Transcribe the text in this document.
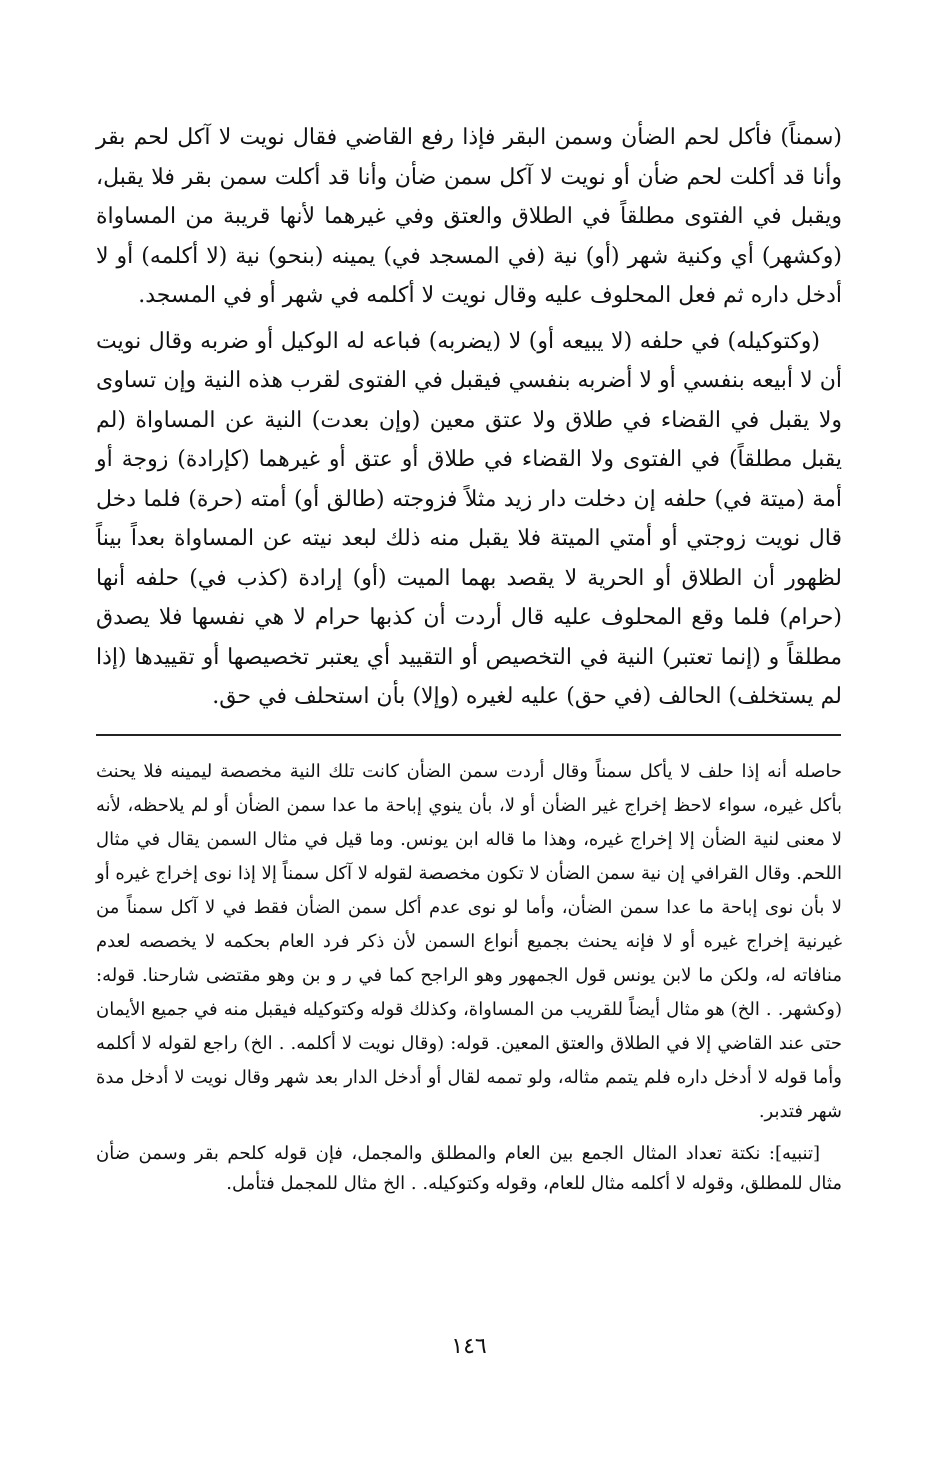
(سمناً) فأكل لحم الضأن وسمن البقر فإذا رفع القاضي فقال نويت لا آكل لحم بقر وأنا قد أكلت لحم ضأن أو نويت لا آكل سمن ضأن وأنا قد أكلت سمن بقر فلا يقبل، ويقبل في الفتوى مطلقاً في الطلاق والعتق وفي غيرهما لأنها قريبة من المساواة (وكشهر) أي وكنية شهر (أو) نية (في المسجد في) يمينه (بنحو) نية (لا أكلمه) أو لا أدخل داره ثم فعل المحلوف عليه وقال نويت لا أكلمه في شهر أو في المسجد.

(وكتوكيله) في حلفه (لا يبيعه أو) لا (يضربه) فباعه له الوكيل أو ضربه وقال نويت أن لا أبيعه بنفسي أو لا أضربه بنفسي فيقبل في الفتوى لقرب هذه النية وإن تساوى ولا يقبل في القضاء في طلاق ولا عتق معين (وإن بعدت) النية عن المساواة (لم يقبل مطلقاً) في الفتوى ولا القضاء في طلاق أو عتق أو غيرهما (كإرادة) زوجة أو أمة (ميتة في) حلفه إن دخلت دار زيد مثلاً فزوجته (طالق أو) أمته (حرة) فلما دخل قال نويت زوجتي أو أمتي الميتة فلا يقبل منه ذلك لبعد نيته عن المساواة بعداً بيناً لظهور أن الطلاق أو الحرية لا يقصد بهما الميت (أو) إرادة (كذب في) حلفه أنها (حرام) فلما وقع المحلوف عليه قال أردت أن كذبها حرام لا هي نفسها فلا يصدق مطلقاً و (إنما تعتبر) النية في التخصيص أو التقييد أي يعتبر تخصيصها أو تقييدها (إذا لم يستخلف) الحالف (في حق) عليه لغيره (وإلا) بأن استحلف في حق.

حاصله أنه إذا حلف لا يأكل سمناً وقال أردت سمن الضأن كانت تلك النية مخصصة ليمينه فلا يحنث بأكل غيره، سواء لاحظ إخراج غير الضأن أو لا، بأن ينوي إباحة ما عدا سمن الضأن أو لم يلاحظه، لأنه لا معنى لنية الضأن إلا إخراج غيره، وهذا ما قاله ابن يونس. وما قيل في مثال السمن يقال في مثال اللحم. وقال القرافي إن نية سمن الضأن لا تكون مخصصة لقوله لا آكل سمناً إلا إذا نوى إخراج غيره أو لا بأن نوى إباحة ما عدا سمن الضأن، وأما لو نوى عدم أكل سمن الضأن فقط في لا آكل سمناً من غيرنية إخراج غيره أو لا فإنه يحنث بجميع أنواع السمن لأن ذكر فرد العام بحكمه لا يخصصه لعدم منافاته له، ولكن ما لابن يونس قول الجمهور وهو الراجح كما في ر و بن وهو مقتضى شارحنا. قوله: (وكشهر. . الخ) هو مثال أيضاً للقريب من المساواة، وكذلك قوله وكتوكيله فيقبل منه في جميع الأيمان حتى عند القاضي إلا في الطلاق والعتق المعين. قوله: (وقال نويت لا أكلمه. . الخ) راجع لقوله لا أكلمه وأما قوله لا أدخل داره فلم يتمم مثاله، ولو تممه لقال أو أدخل الدار بعد شهر وقال نويت لا أدخل مدة شهر فتدبر.

[تنبيه]: نكتة تعداد المثال الجمع بين العام والمطلق والمجمل، فإن قوله كلحم بقر وسمن ضأن مثال للمطلق، وقوله لا أكلمه مثال للعام، وقوله وكتوكيله. . الخ مثال للمجمل فتأمل.

١٤٦
